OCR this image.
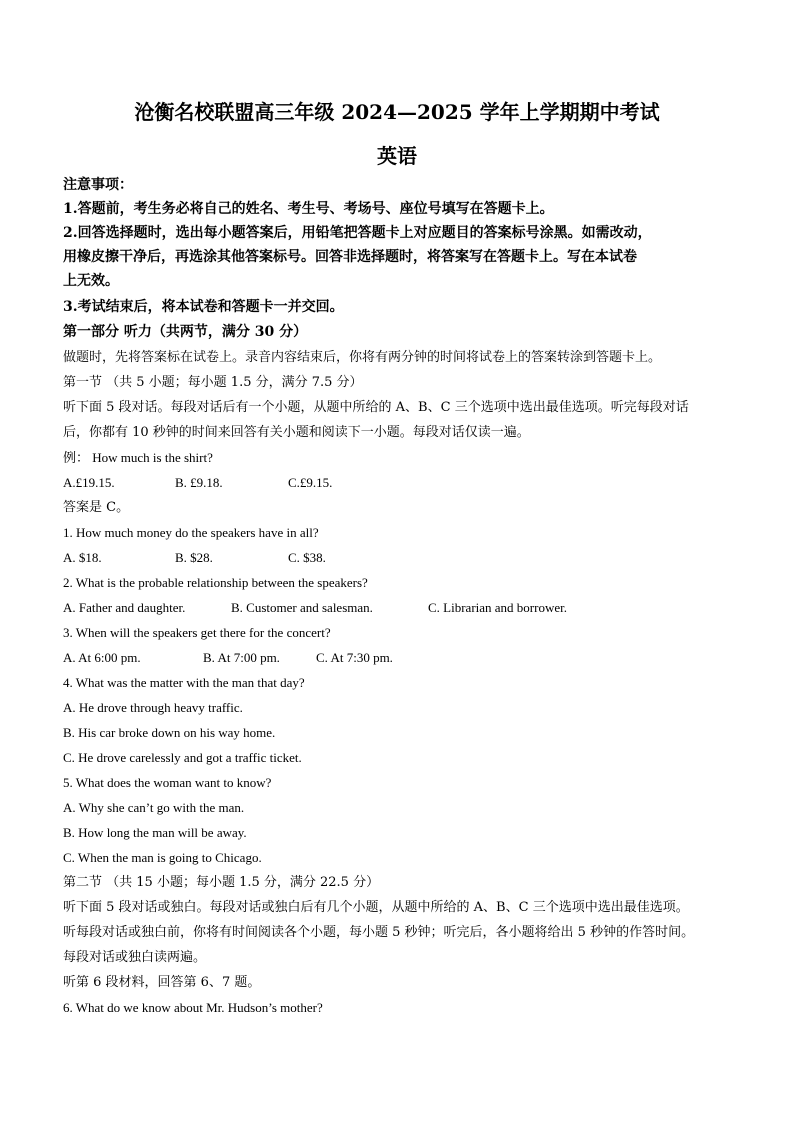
沧衡名校联盟高三年级 2024—2025 学年上学期期中考试
英语
注意事项：
1.答题前，考生务必将自己的姓名、考生号、考场号、座位号填写在答题卡上。
2.回答选择题时，选出每小题答案后，用铅笔把答题卡上对应题目的答案标号涂黑。如需改动，
用橡皮擦干净后，再选涂其他答案标号。回答非选择题时，将答案写在答题卡上。写在本试卷
上无效。
3.考试结束后，将本试卷和答题卡一并交回。
第一部分 听力（共两节，满分 30 分）
做题时，先将答案标在试卷上。录音内容结束后，你将有两分钟的时间将试卷上的答案转涂到答题卡上。
第一节 （共 5 小题；每小题 1.5 分，满分 7.5 分）
听下面 5 段对话。每段对话后有一个小题，从题中所给的 A、B、C 三个选项中选出最佳选项。听完每段对话
后，你都有 10 秒钟的时间来回答有关小题和阅读下一小题。每段对话仅读一遍。
例： How much is the shirt?
A.£19.15.	B. £9.18.	C.£9.15.
答案是 C。
1. How much money do the speakers have in all?
A. $18.	B. $28.	C. $38.
2. What is the probable relationship between the speakers?
A. Father and daughter.	B. Customer and salesman.	C. Librarian and borrower.
3. When will the speakers get there for the concert?
A. At 6:00 pm.	B. At 7:00 pm.	C. At 7:30 pm.
4. What was the matter with the man that day?
A. He drove through heavy traffic.
B. His car broke down on his way home.
C. He drove carelessly and got a traffic ticket.
5. What does the woman want to know?
A. Why she can’t go with the man.
B. How long the man will be away.
C. When the man is going to Chicago.
第二节 （共 15 小题；每小题 1.5 分，满分 22.5 分）
听下面 5 段对话或独白。每段对话或独白后有几个小题，从题中所给的 A、B、C 三个选项中选出最佳选项。
听每段对话或独白前，你将有时间阅读各个小题，每小题 5 秒钟；听完后，各小题将给出 5 秒钟的作答时间。
每段对话或独白读两遍。
听第 6 段材料，回答第 6、7 题。
6. What do we know about Mr. Hudson’s mother?
